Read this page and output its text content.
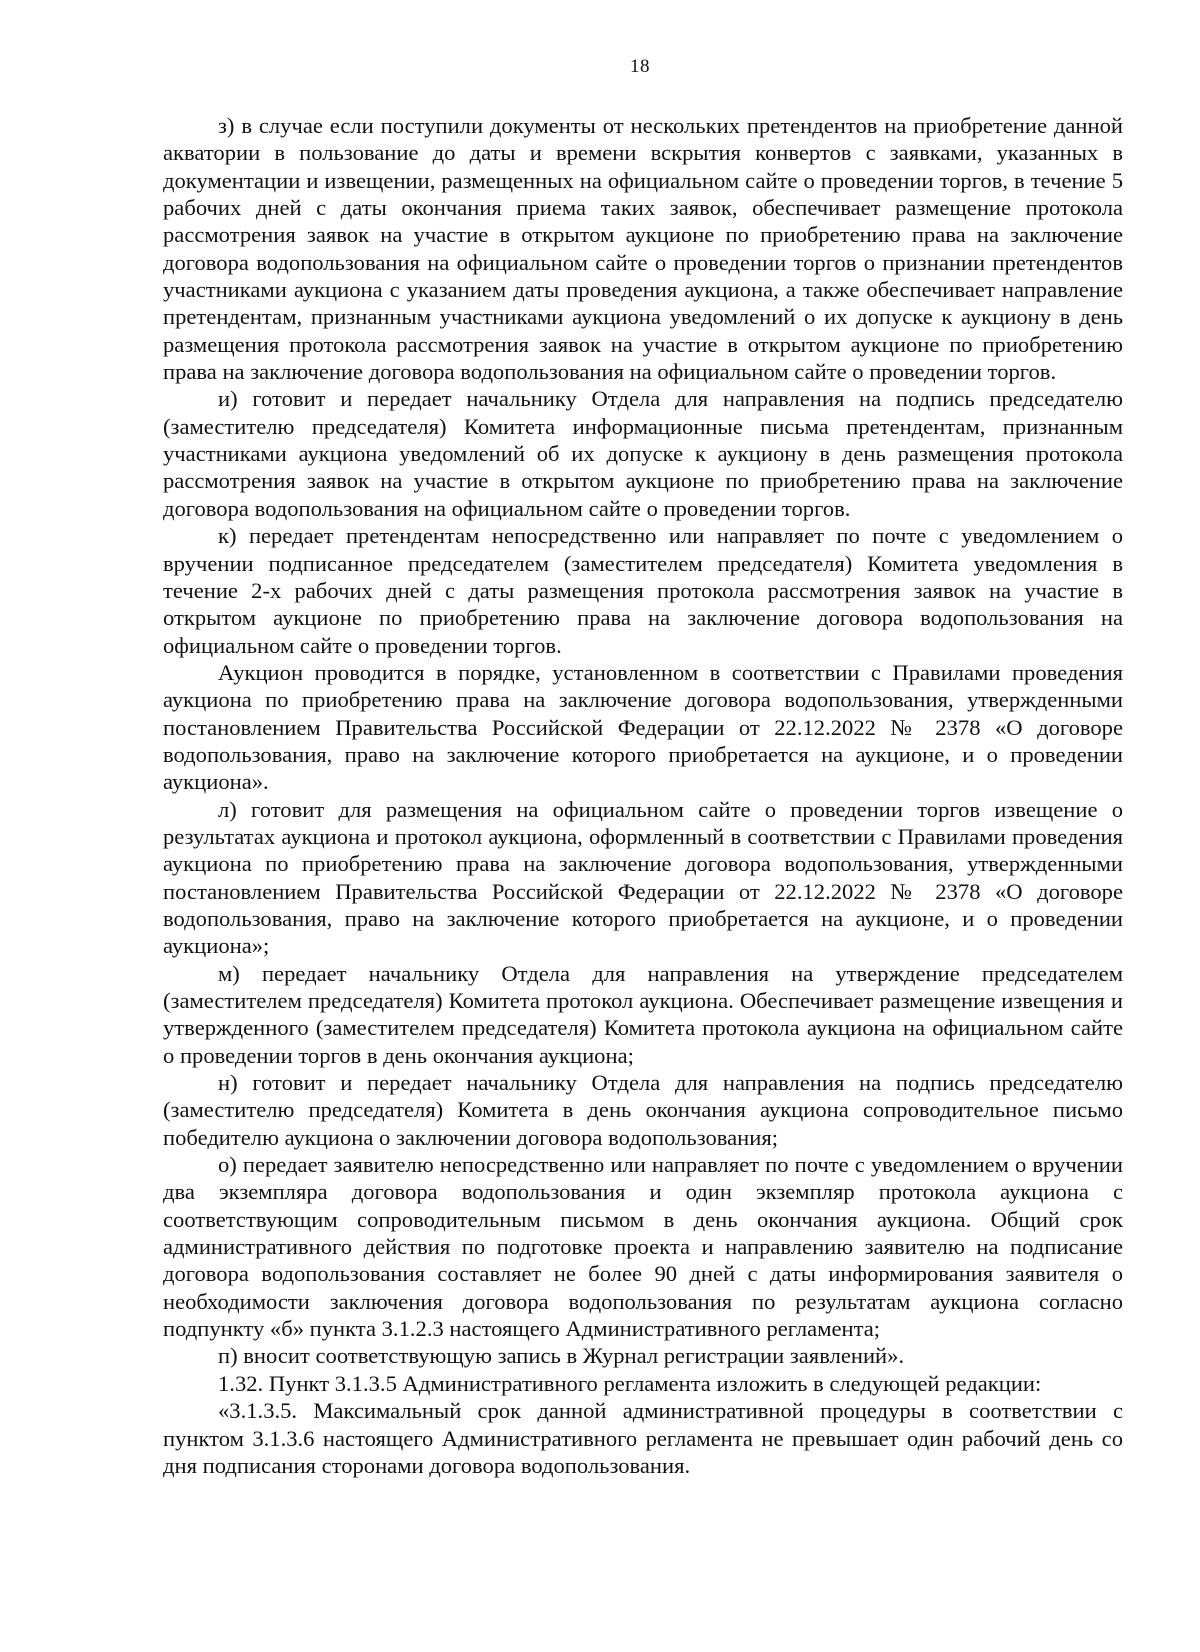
18

з) в случае если поступили документы от нескольких претендентов на приобретение данной акватории в пользование до даты и времени вскрытия конвертов с заявками, указанных в документации и извещении, размещенных на официальном сайте о проведении торгов, в течение 5 рабочих дней с даты окончания приема таких заявок, обеспечивает размещение протокола рассмотрения заявок на участие в открытом аукционе по приобретению права на заключение договора водопользования на официальном сайте о проведении торгов о признании претендентов участниками аукциона с указанием даты проведения аукциона, а также обеспечивает направление претендентам, признанным участниками аукциона уведомлений о их допуске к аукциону в день размещения протокола рассмотрения заявок на участие в открытом аукционе по приобретению права на заключение договора водопользования на официальном сайте о проведении торгов.

и) готовит и передает начальнику Отдела для направления на подпись председателю (заместителю председателя) Комитета информационные письма претендентам, признанным участниками аукциона уведомлений об их допуске к аукциону в день размещения протокола рассмотрения заявок на участие в открытом аукционе по приобретению права на заключение договора водопользования на официальном сайте о проведении торгов.

к) передает претендентам непосредственно или направляет по почте с уведомлением о вручении подписанное председателем (заместителем председателя) Комитета уведомления в течение 2-х рабочих дней с даты размещения протокола рассмотрения заявок на участие в открытом аукционе по приобретению права на заключение договора водопользования на официальном сайте о проведении торгов.

Аукцион проводится в порядке, установленном в соответствии с Правилами проведения аукциона по приобретению права на заключение договора водопользования, утвержденными постановлением Правительства Российской Федерации от 22.12.2022 № 2378 «О договоре водопользования, право на заключение которого приобретается на аукционе, и о проведении аукциона».

л) готовит для размещения на официальном сайте о проведении торгов извещение о результатах аукциона и протокол аукциона, оформленный в соответствии с Правилами проведения аукциона по приобретению права на заключение договора водопользования, утвержденными постановлением Правительства Российской Федерации от 22.12.2022 № 2378 «О договоре водопользования, право на заключение которого приобретается на аукционе, и о проведении аукциона»;

м) передает начальнику Отдела для направления на утверждение председателем (заместителем председателя) Комитета протокол аукциона. Обеспечивает размещение извещения и утвержденного (заместителем председателя) Комитета протокола аукциона на официальном сайте о проведении торгов в день окончания аукциона;

н) готовит и передает начальнику Отдела для направления на подпись председателю (заместителю председателя) Комитета в день окончания аукциона сопроводительное письмо победителю аукциона о заключении договора водопользования;

о) передает заявителю непосредственно или направляет по почте с уведомлением о вручении два экземпляра договора водопользования и один экземпляр протокола аукциона с соответствующим сопроводительным письмом в день окончания аукциона. Общий срок административного действия по подготовке проекта и направлению заявителю на подписание договора водопользования составляет не более 90 дней с даты информирования заявителя о необходимости заключения договора водопользования по результатам аукциона согласно подпункту «б» пункта 3.1.2.3 настоящего Административного регламента;

п) вносит соответствующую запись в Журнал регистрации заявлений».

1.32. Пункт 3.1.3.5 Административного регламента изложить в следующей редакции:

«3.1.3.5. Максимальный срок данной административной процедуры в соответствии с пунктом 3.1.3.6 настоящего Административного регламента не превышает один рабочий день со дня подписания сторонами договора водопользования.
